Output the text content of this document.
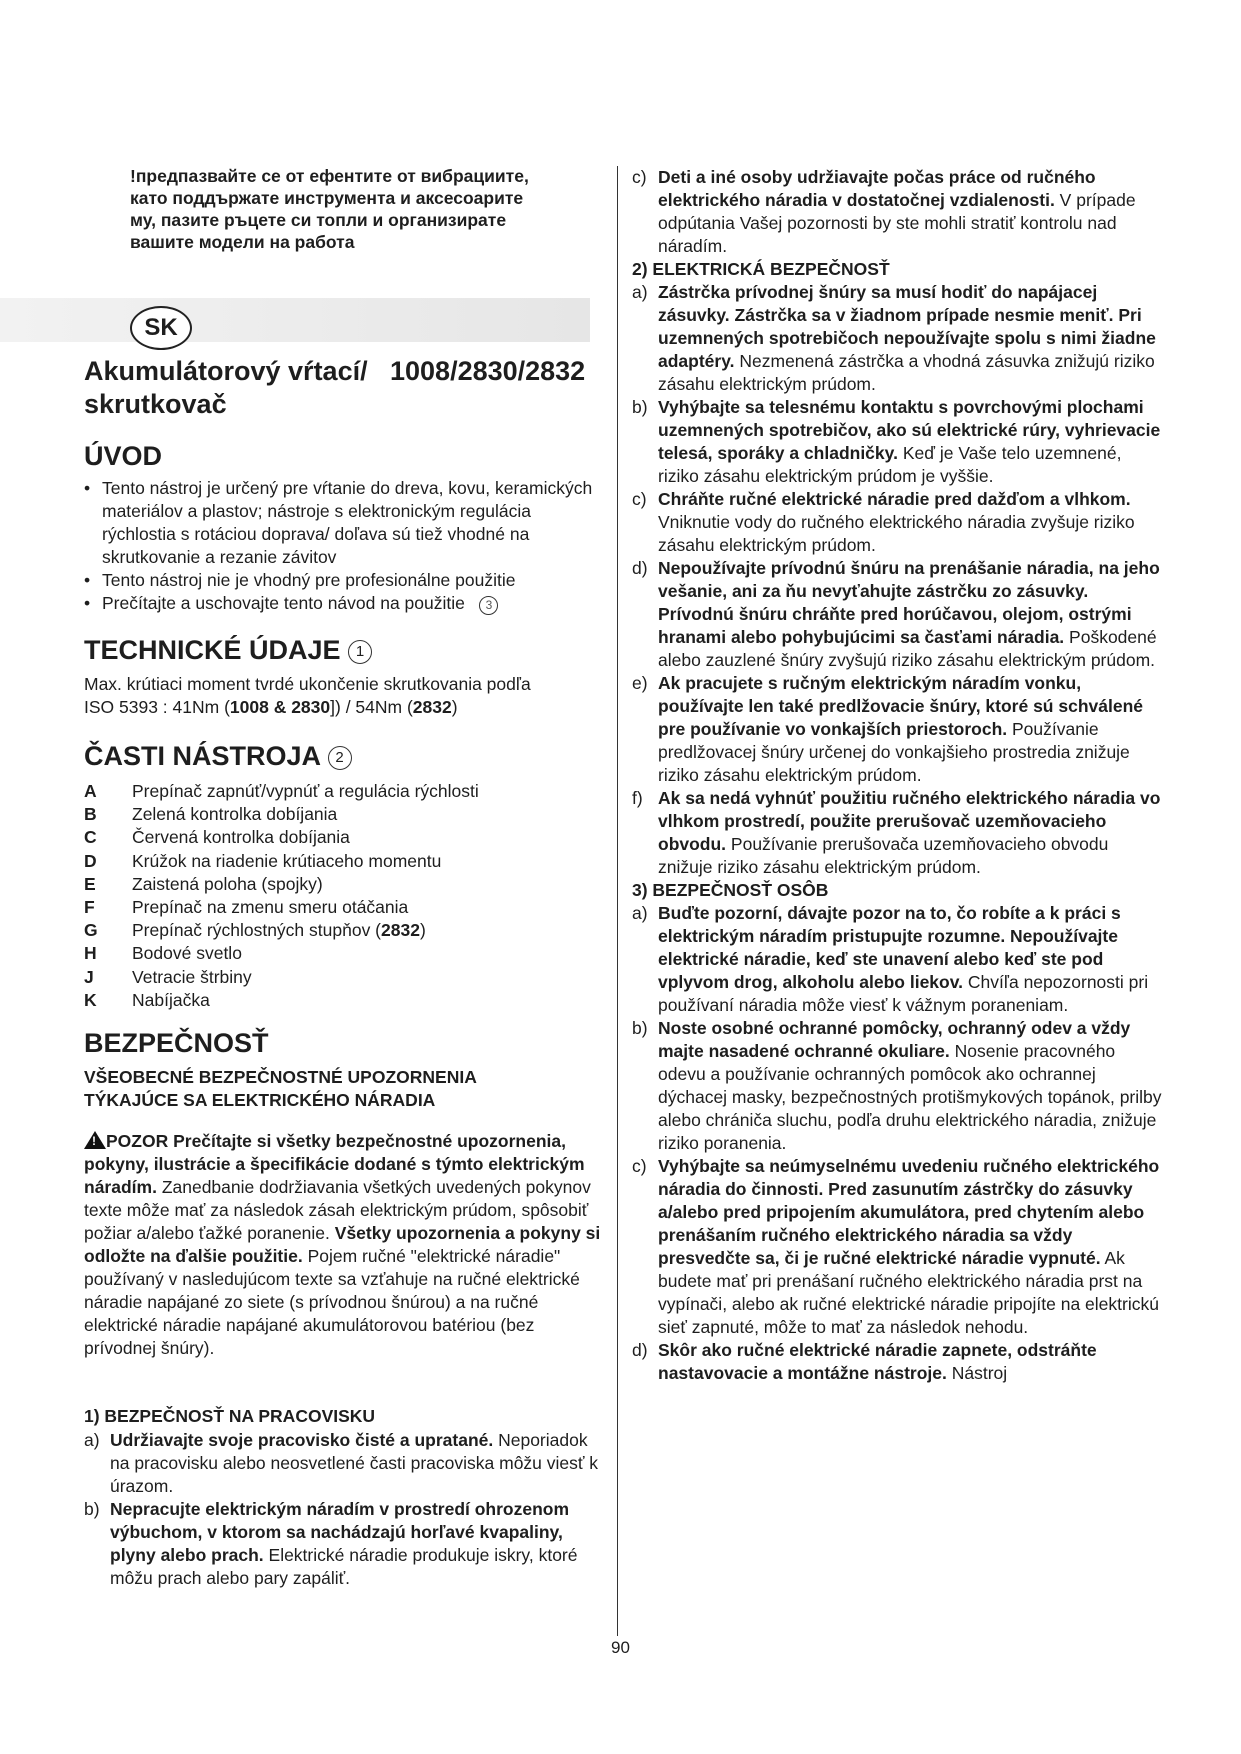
!предпазвайте се от ефентите от вибрациите,
като поддържате инструмента и аксесоарите
му, пазите ръцете си топли и организирате
вашите модели на работа
SK
Akumulátorový vŕtací/
skrutkovač
1008/2830/2832
ÚVOD
• Tento nástroj je určený pre vŕtanie do dreva, kovu, keramických materiálov a plastov; nástroje s elektronickým regulácia rýchlostia s rotáciou doprava/ doľava sú tiež vhodné na skrutkovanie a rezanie závitov
• Tento nástroj nie je vhodný pre profesionálne použitie
• Prečítajte a uschovajte tento návod na použitie 3
TECHNICKÉ ÚDAJE 1
Max. krútiaci moment tvrdé ukončenie skrutkovania podľa
ISO 5393 : 41Nm (1008 & 2830]) / 54Nm (2832)
ČASTI NÁSTROJA 2
A	Prepínač zapnúť/vypnúť a regulácia rýchlosti
B	Zelená kontrolka dobíjania
C	Červená kontrolka dobíjania
D	Krúžok na riadenie krútiaceho momentu
E	Zaistená poloha (spojky)
F	Prepínač na zmenu smeru otáčania
G	Prepínač rýchlostných stupňov (2832)
H	Bodové svetlo
J	Vetracie štrbiny
K	Nabíjačka
BEZPEČNOSŤ
VŠEOBECNÉ BEZPEČNOSTNÉ UPOZORNENIA TÝKAJÚCE SA ELEKTRICKÉHO NÁRADIA
!POZOR Prečítajte si všetky bezpečnostné upozornenia, pokyny, ilustrácie a špecifikácie dodané s týmto elektrickým náradím. Zanedbanie dodržiavania všetkých uvedených pokynov texte môže mať za následok zásah elektrickým prúdom, spôsobiť požiar a/alebo ťažké poranenie. Všetky upozornenia a pokyny si odložte na ďalšie použitie. Pojem ručné "elektrické náradie" používaný v nasledujúcom texte sa vzťahuje na ručné elektrické náradie napájané zo siete (s prívodnou šnúrou) a na ručné elektrické náradie napájané akumulátorovou batériou (bez prívodnej šnúry).
1) BEZPEČNOSŤ NA PRACOVISKU
a) Udržiavajte svoje pracovisko čisté a upratané. Neporiadok na pracovisku alebo neosvetlené časti pracoviska môžu viesť k úrazom.
b) Nepracujte elektrickým náradím v prostredí ohrozenom výbuchom, v ktorom sa nachádzajú horľavé kvapaliny, plyny alebo prach. Elektrické náradie produkuje iskry, ktoré môžu prach alebo pary zapáliť.
c) Deti a iné osoby udržiavajte počas práce od ručného elektrického náradia v dostatočnej vzdialenosti. V prípade odpútania Vašej pozornosti by ste mohli stratiť kontrolu nad náradím.
2) ELEKTRICKÁ BEZPEČNOSŤ
a) Zástrčka prívodnej šnúry sa musí hodiť do napájacej zásuvky. Zástrčka sa v žiadnom prípade nesmie meniť. Pri uzemnených spotrebičoch nepoužívajte spolu s nimi žiadne adaptéry. Nezmenená zástrčka a vhodná zásuvka znižujú riziko zásahu elektrickým prúdom.
b) Vyhýbajte sa telesnému kontaktu s povrchovými plochami uzemnených spotrebičov, ako sú elektrické rúry, vyhrievacie telesá, sporáky a chladničky. Keď je Vaše telo uzemnené, riziko zásahu elektrickým prúdom je vyššie.
c) Chráňte ručné elektrické náradie pred dažďom a vlhkom. Vniknutie vody do ručného elektrického náradia zvyšuje riziko zásahu elektrickým prúdom.
d) Nepoužívajte prívodnú šnúru na prenášanie náradia, na jeho vešanie, ani za ňu nevyťahujte zástrčku zo zásuvky. Prívodnú šnúru chráňte pred horúčavou, olejom, ostrými hranami alebo pohybujúcimi sa časťami náradia. Poškodené alebo zauzlené šnúry zvyšujú riziko zásahu elektrickým prúdom.
e) Ak pracujete s ručným elektrickým náradím vonku, používajte len také predlžovacie šnúry, ktoré sú schválené pre používanie vo vonkajších priestoroch. Používanie predlžovacej šnúry určenej do vonkajšieho prostredia znižuje riziko zásahu elektrickým prúdom.
f) Ak sa nedá vyhnúť použitiu ručného elektrického náradia vo vlhkom prostredí, použite prerušovač uzemňovacieho obvodu. Používanie prerušovača uzemňovacieho obvodu znižuje riziko zásahu elektrickým prúdom.
3) BEZPEČNOSŤ OSÔB
a) Buďte pozorní, dávajte pozor na to, čo robíte a k práci s elektrickým náradím pristupujte rozumne. Nepoužívajte elektrické náradie, keď ste unavení alebo keď ste pod vplyvom drog, alkoholu alebo liekov. Chvíľa nepozornosti pri používaní náradia môže viesť k vážnym poraneniam.
b) Noste osobné ochranné pomôcky, ochranný odev a vždy majte nasadené ochranné okuliare. Nosenie pracovného odevu a používanie ochranných pomôcok ako ochrannej dýchacej masky, bezpečnostných protišmykových topánok, prilby alebo chrániča sluchu, podľa druhu elektrického náradia, znižuje riziko poranenia.
c) Vyhýbajte sa neúmyselnému uvedeniu ručného elektrického náradia do činnosti. Pred zasunutím zástrčky do zásuvky a/alebo pred pripojením akumulátora, pred chytením alebo prenášaním ručného elektrického náradia sa vždy presvedčte sa, či je ručné elektrické náradie vypnuté. Ak budete mať pri prenášaní ručného elektrického náradia prst na vypínači, alebo ak ručné elektrické náradie pripojíte na elektrickú sieť zapnuté, môže to mať za následok nehodu.
d) Skôr ako ručné elektrické náradie zapnete, odstráňte nastavovacie a montážne nástroje. Nástroj
90
